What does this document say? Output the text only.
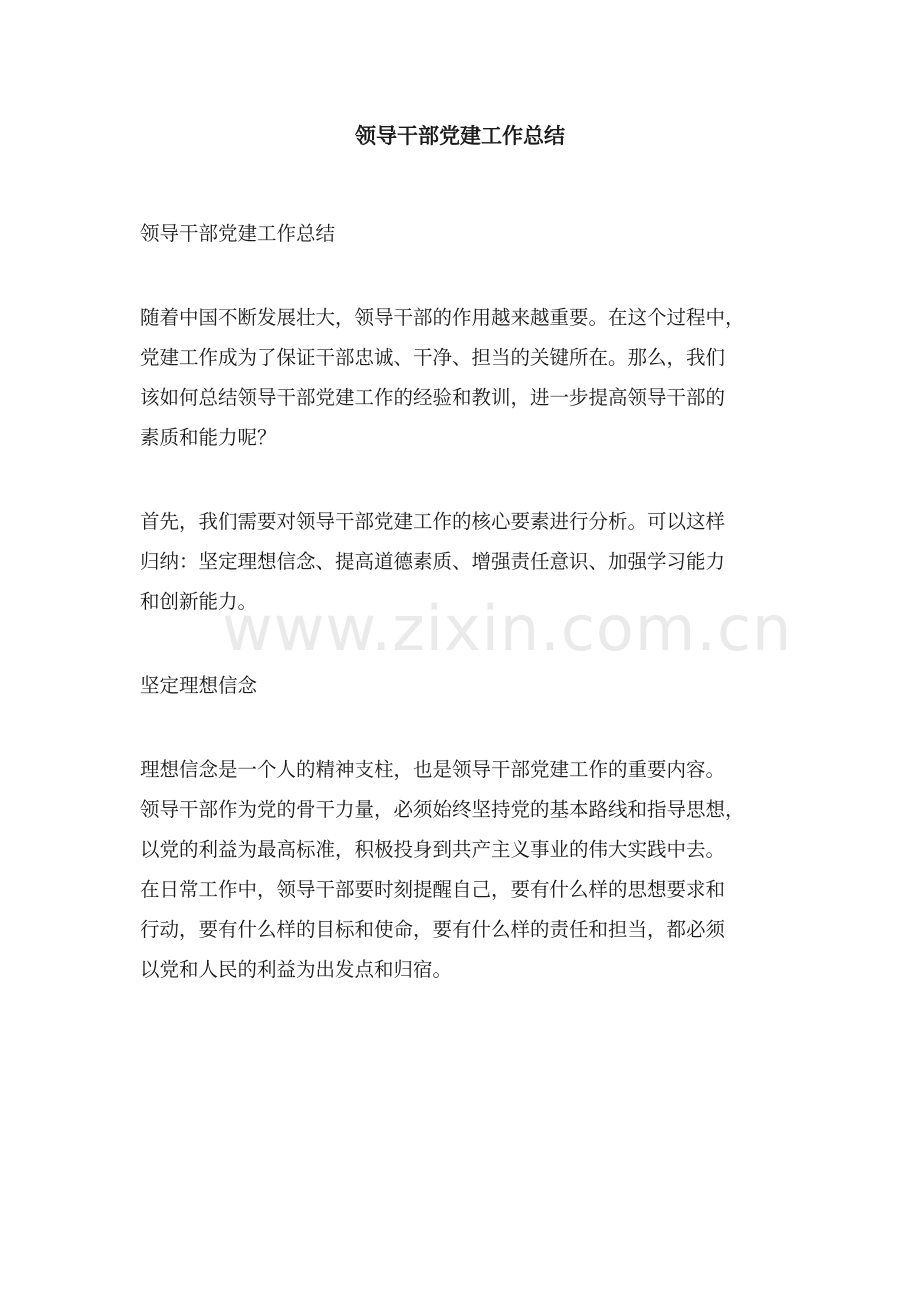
领导干部党建工作总结

领导干部党建工作总结

随着中国不断发展壮大，领导干部的作用越来越重要。在这个过程中，

党建工作成为了保证干部忠诚、干净、担当的关键所在。那么，我们

该如何总结领导干部党建工作的经验和教训，进一步提高领导干部的

素质和能力呢？

首先，我们需要对领导干部党建工作的核心要素进行分析。可以这样

归纳：坚定理想信念、提高道德素质、增强责任意识、加强学习能力

和创新能力。

坚定理想信念

理想信念是一个人的精神支柱，也是领导干部党建工作的重要内容。

领导干部作为党的骨干力量，必须始终坚持党的基本路线和指导思想，

以党的利益为最高标准，积极投身到共产主义事业的伟大实践中去。

在日常工作中，领导干部要时刻提醒自己，要有什么样的思想要求和

行动，要有什么样的目标和使命，要有什么样的责任和担当，都必须

以党和人民的利益为出发点和归宿。

www.zixin.com.cn
